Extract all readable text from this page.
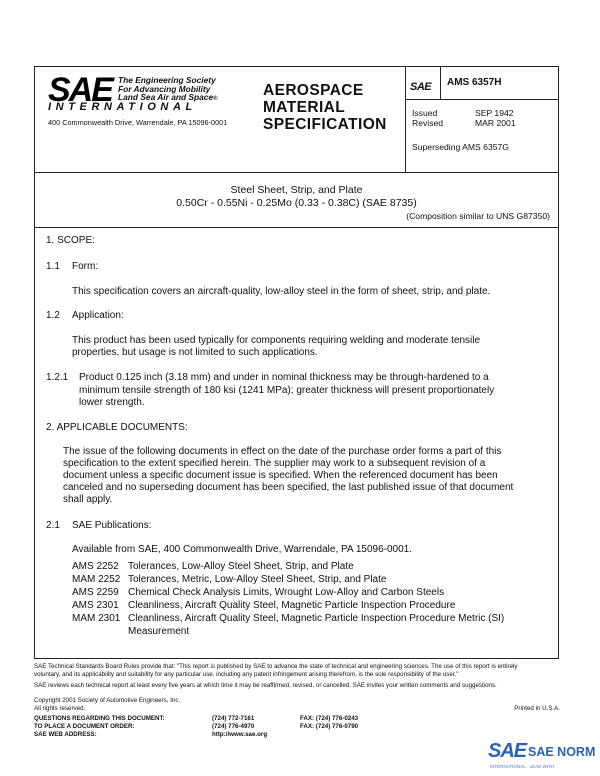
SAE The Engineering Society
For Advancing Mobility
Land Sea Air and Space®
INTERNATIONAL
400 Commonwealth Drive, Warrendale, PA 15096-0001
AEROSPACE
MATERIAL
SPECIFICATION
SAE AMS 6357H
Issued	SEP 1942
Revised	MAR 2001
Superseding AMS 6357G
Steel Sheet, Strip, and Plate
0.50Cr - 0.55Ni - 0.25Mo (0.33 - 0.38C) (SAE 8735)
(Composition similar to UNS G87350)
1. SCOPE:
1.1 Form:
This specification covers an aircraft-quality, low-alloy steel in the form of sheet, strip, and plate.
1.2 Application:
This product has been used typically for components requiring welding and moderate tensile
properties, but usage is not limited to such applications.
1.2.1 Product 0.125 inch (3.18 mm) and under in nominal thickness may be through-hardened to a
minimum tensile strength of 180 ksi (1241 MPa); greater thickness will present proportionately
lower strength.
2. APPLICABLE DOCUMENTS:
The issue of the following documents in effect on the date of the purchase order forms a part of this
specification to the extent specified herein. The supplier may work to a subsequent revision of a
document unless a specific document issue is specified. When the referenced document has been
canceled and no superseding document has been specified, the last published issue of that document
shall apply.
2.1 SAE Publications:
Available from SAE, 400 Commonwealth Drive, Warrendale, PA 15096-0001.
AMS 2252 Tolerances, Low-Alloy Steel Sheet, Strip, and Plate
MAM 2252 Tolerances, Metric, Low-Alloy Steel Sheet, Strip, and Plate
AMS 2259 Chemical Check Analysis Limits, Wrought Low-Alloy and Carbon Steels
AMS 2301 Cleanliness, Aircraft Quality Steel, Magnetic Particle Inspection Procedure
MAM 2301 Cleanliness, Aircraft Quality Steel, Magnetic Particle Inspection Procedure Metric (SI)
Measurement
SAE Technical Standards Board Rules provide that: "This report is published by SAE to advance the state of technical and engineering sciences. The use of this report is entirely
voluntary, and its applicability and suitability for any particular use, including any patent infringement arising therefrom, is the sole responsibility of the user."
SAE reviews each technical report at least every five years at which time it may be reaffirmed, revised, or cancelled. SAE invites your written comments and suggestions.
Copyright 2001 Society of Automotive Engineers, Inc.
All rights reserved.	Printed in U.S.A.
QUESTIONS REGARDING THIS DOCUMENT:	(724) 772-7161	FAX: (724) 776-0243
TO PLACE A DOCUMENT ORDER:	(724) 776-4970	FAX: (724) 776-0790
SAE WEB ADDRESS:	http://www.sae.org
SAE SAE NORM
INTERNATIONAL · LEAD WITH
